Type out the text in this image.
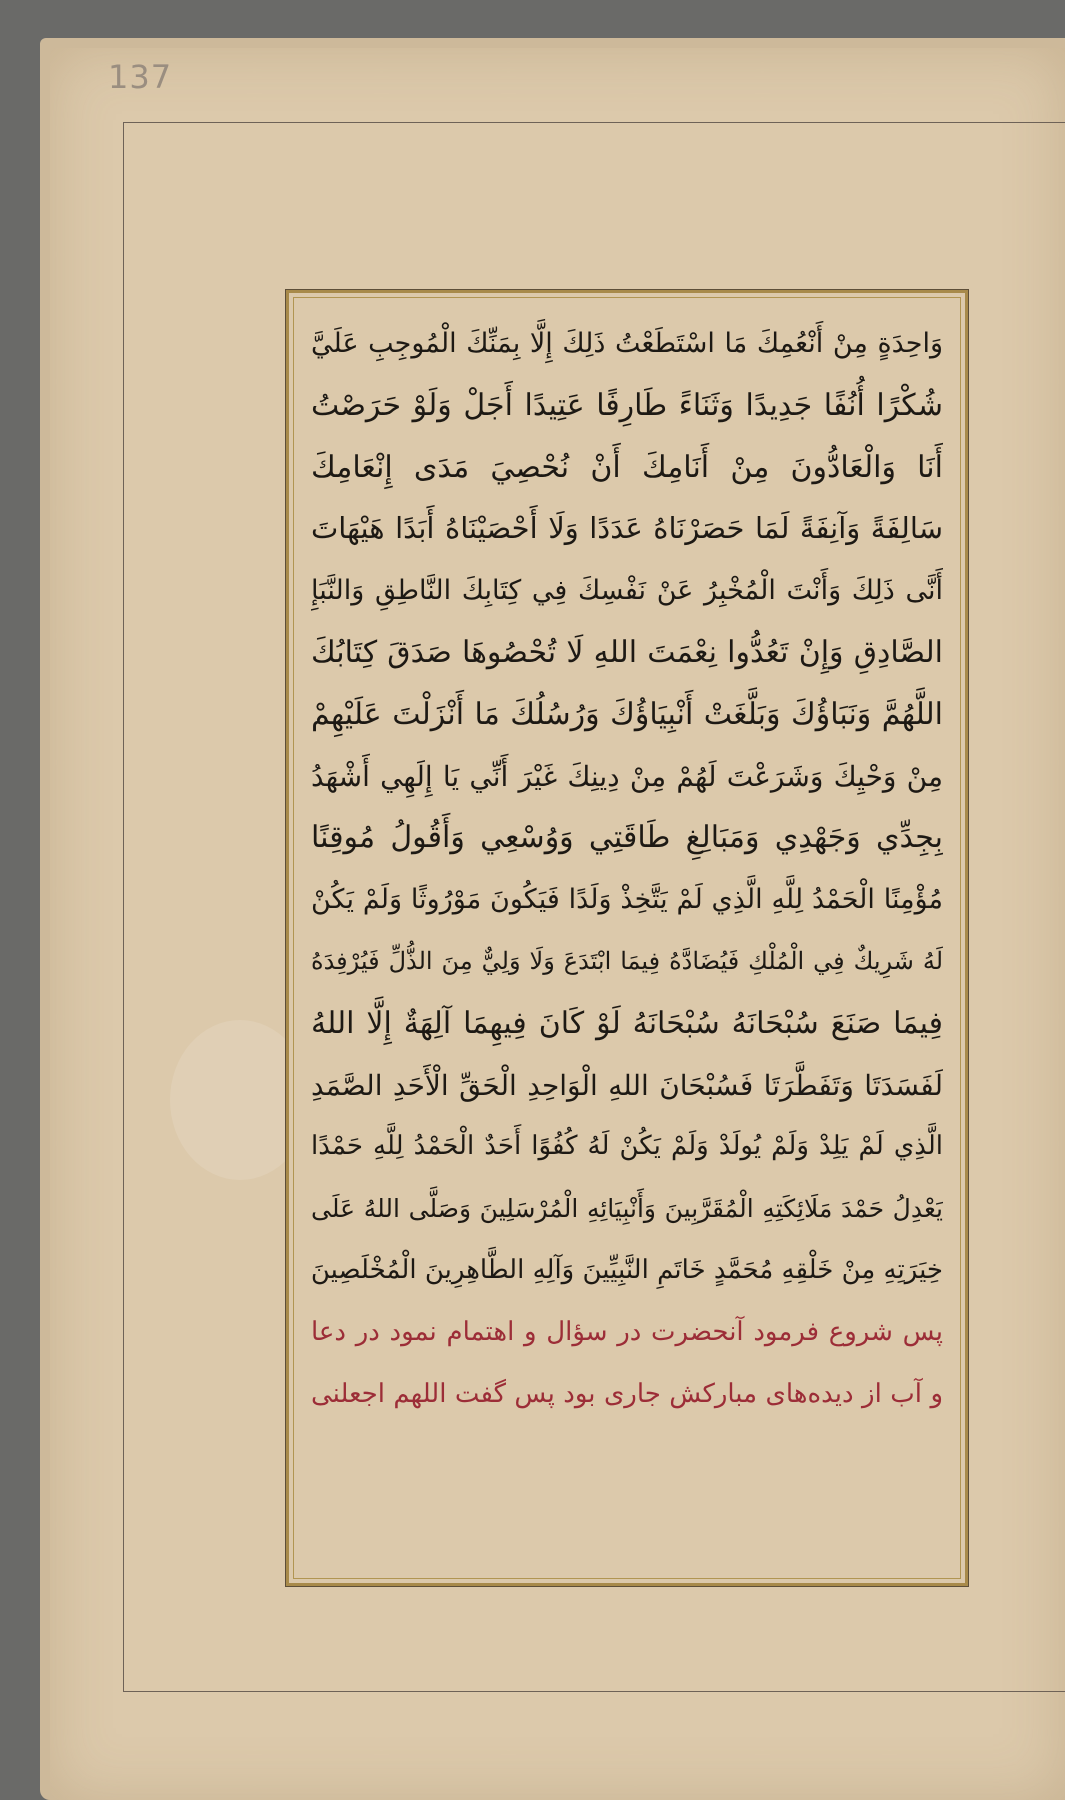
137
وَاحِدَةٍ مِنْ أَنْعُمِكَ مَا اسْتَطَعْتُ ذَلِكَ إِلَّا بِمَنِّكَ الْمُوجِبِ عَلَيَّ
شُكْرًا أُنُفًا جَدِيدًا وَثَنَاءً طَارِفًا عَتِيدًا أَجَلْ وَلَوْ حَرَصْتُ
أَنَا وَالْعَادُّونَ مِنْ أَنَامِكَ أَنْ نُحْصِيَ مَدَى إِنْعَامِكَ
سَالِفَةً وَآنِفَةً لَمَا حَصَرْنَاهُ عَدَدًا وَلَا أَحْصَيْنَاهُ أَبَدًا هَيْهَاتَ
أَنَّى ذَلِكَ وَأَنْتَ الْمُخْبِرُ عَنْ نَفْسِكَ فِي كِتَابِكَ النَّاطِقِ وَالنَّبَإِ
الصَّادِقِ وَإِنْ تَعُدُّوا نِعْمَتَ اللهِ لَا تُحْصُوهَا صَدَقَ كِتَابُكَ
اللَّهُمَّ وَنَبَاؤُكَ وَبَلَّغَتْ أَنْبِيَاؤُكَ وَرُسُلُكَ مَا أَنْزَلْتَ عَلَيْهِمْ
مِنْ وَحْيِكَ وَشَرَعْتَ لَهُمْ مِنْ دِينِكَ غَيْرَ أَنِّي يَا إِلَهِي أَشْهَدُ
بِجِدِّي وَجَهْدِي وَمَبَالِغِ طَاقَتِي وَوُسْعِي وَأَقُولُ مُوقِنًا
مُؤْمِنًا الْحَمْدُ لِلَّهِ الَّذِي لَمْ يَتَّخِذْ وَلَدًا فَيَكُونَ مَوْرُوثًا وَلَمْ يَكُنْ
لَهُ شَرِيكٌ فِي الْمُلْكِ فَيُضَادَّهُ فِيمَا ابْتَدَعَ وَلَا وَلِيٌّ مِنَ الذُّلِّ فَيُرْفِدَهُ
فِيمَا صَنَعَ سُبْحَانَهُ سُبْحَانَهُ لَوْ كَانَ فِيهِمَا آلِهَةٌ إِلَّا اللهُ
لَفَسَدَتَا وَتَفَطَّرَتَا فَسُبْحَانَ اللهِ الْوَاحِدِ الْحَقِّ الْأَحَدِ الصَّمَدِ
الَّذِي لَمْ يَلِدْ وَلَمْ يُولَدْ وَلَمْ يَكُنْ لَهُ كُفُوًا أَحَدٌ الْحَمْدُ لِلَّهِ حَمْدًا
يَعْدِلُ حَمْدَ مَلَائِكَتِهِ الْمُقَرَّبِينَ وَأَنْبِيَائِهِ الْمُرْسَلِينَ وَصَلَّى اللهُ عَلَى
خِيَرَتِهِ مِنْ خَلْقِهِ مُحَمَّدٍ خَاتَمِ النَّبِيِّينَ وَآلِهِ الطَّاهِرِينَ الْمُخْلَصِينَ
پس شروع فرمود آنحضرت در سؤال و اهتمام نمود در دعا
و آب از دیده‌های مبارکش جاری بود پس گفت اللهم اجعلنی
